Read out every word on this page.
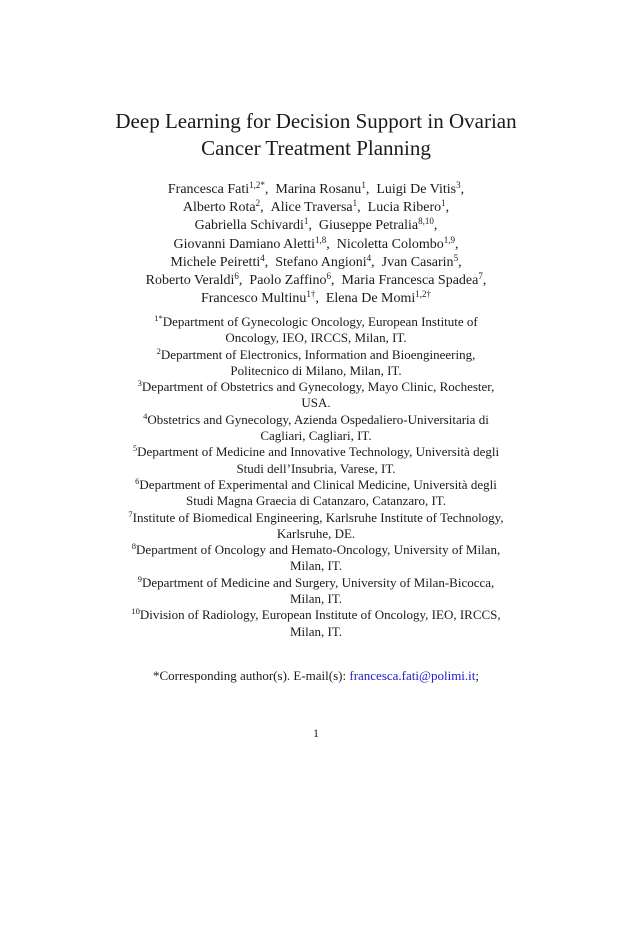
Deep Learning for Decision Support in Ovarian
Cancer Treatment Planning
Francesca Fati$^{1,2*}$ ,  Marina Rosanu$^1$ ,  Luigi De Vitis$^3$ ,
Alberto Rota$^2$ ,  Alice Traversa$^1$ ,  Lucia Ribero$^1$ ,
Gabriella Schivardi$^1$ ,  Giuseppe Petralia$^{8,10}$ ,
Giovanni Damiano Aletti$^{1,8}$ ,  Nicoletta Colombo$^{1,9}$ ,
Michele Peiretti$^4$ ,  Stefano Angioni$^4$ ,  Jvan Casarin$^5$ ,
Roberto Veraldi$^6$ ,  Paolo Zaffino$^6$ ,  Maria Francesca Spadea$^7$ ,
Francesco Multinu$^{1\dagger}$ ,  Elena De Momi$^{1,2\dagger}$
$^{1*}$Department of Gynecologic Oncology, European Institute of
Oncology, IEO, IRCCS, Milan, IT.
$^2$Department of Electronics, Information and Bioengineering,
Politecnico di Milano, Milan, IT.
$^3$Department of Obstetrics and Gynecology, Mayo Clinic, Rochester,
USA.
$^4$Obstetrics and Gynecology, Azienda Ospedaliero-Universitaria di
Cagliari, Cagliari, IT.
$^5$Department of Medicine and Innovative Technology, Università degli
Studi dell’Insubria, Varese, IT.
$^6$Department of Experimental and Clinical Medicine, Università degli
Studi Magna Graecia di Catanzaro, Catanzaro, IT.
$^7$Institute of Biomedical Engineering, Karlsruhe Institute of Technology,
Karlsruhe, DE.
$^8$Department of Oncology and Hemato-Oncology, University of Milan,
Milan, IT.
$^9$Department of Medicine and Surgery, University of Milan-Bicocca,
Milan, IT.
$^{10}$Division of Radiology, European Institute of Oncology, IEO, IRCCS,
Milan, IT.
*Corresponding author(s). E-mail(s): francesca.fati@polimi.it;
1
